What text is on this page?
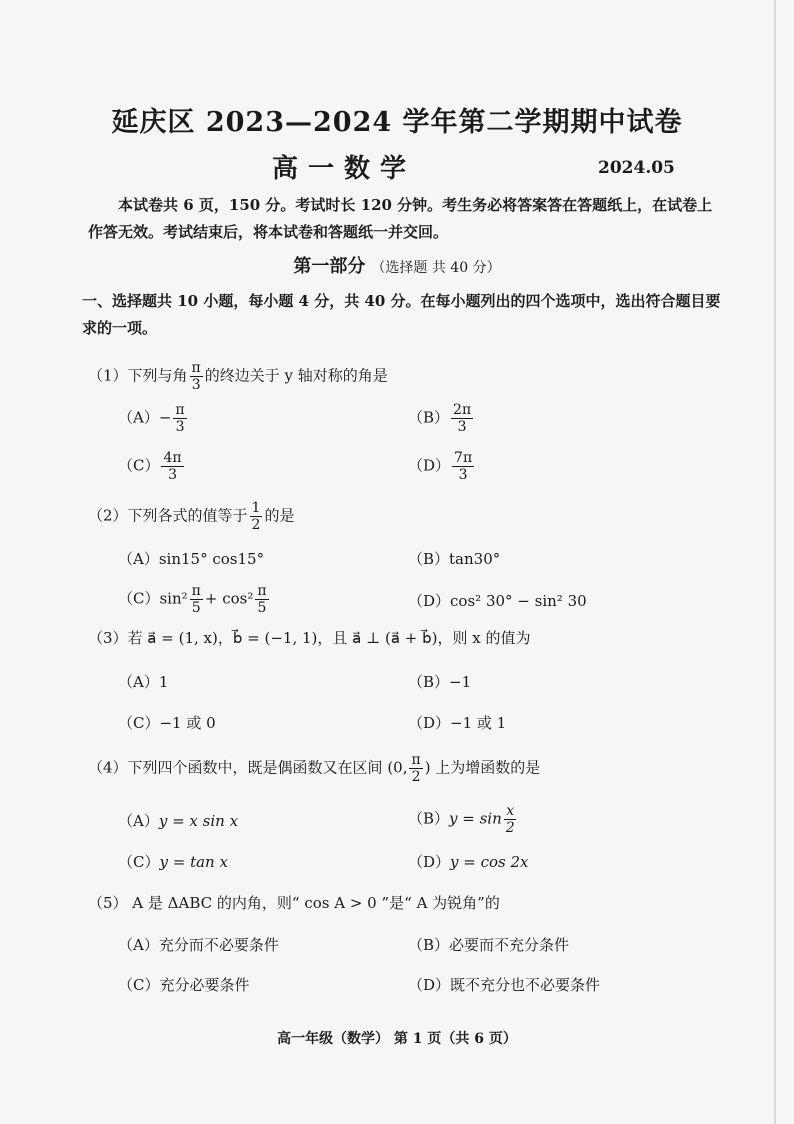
延庆区 2023—2024 学年第二学期期中试卷
高一数学	2024.05
本试卷共 6 页，150 分。考试时长 120 分钟。考生务必将答案答在答题纸上，在试卷上作答无效。考试结束后，将本试卷和答题纸一并交回。
第一部分 （选择题 共 40 分）
一、选择题共 10 小题，每小题 4 分，共 40 分。在每小题列出的四个选项中，选出符合题目要求的一项。
（1）下列与角 $\frac{\pi}{3}$ 的终边关于 y 轴对称的角是
$(A)- \frac{\pi}{3}$	$(B) \frac{2\pi}{3}$
$(C) \frac{4\pi}{3}$	$(D) \frac{7\pi}{3}$
（2）下列各式的值等于 $\frac{1}{2}$ 的是
（A）sin15° cos15°	（B）tan30°
$(C)\sin^2 \frac{\pi}{5} + \cos^2 \frac{\pi}{5}$	（D）cos² 30° − sin² 30
（3）若 a⃗ = (1, x)，b⃗ = (−1, 1)，且 a⃗ ⊥ (a⃗ + b⃗)，则 x 的值为
（A）1	（B）−1
（C）−1 或 0	（D）−1 或 1
（4）下列四个函数中，既是偶函数又在区间 (0, $\frac{\pi}{2}$ ) 上为增函数的是
（A）y = x sin x	$(B)y = \sin \frac{x}{2}$
（C）y = tan x	（D）y = cos 2x
（5） A 是 ΔABC 的内角，则“ cos A > 0 ”是“ A 为锐角”的
（A）充分而不必要条件	（B）必要而不充分条件
（C）充分必要条件	（D）既不充分也不必要条件
高一年级（数学） 第 1 页（共 6 页）
